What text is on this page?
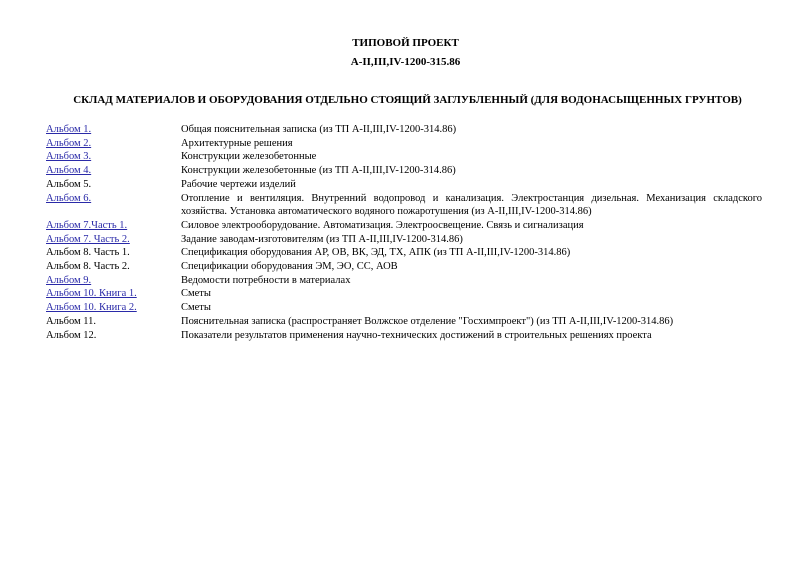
ТИПОВОЙ ПРОЕКТ
А-II,III,IV-1200-315.86
СКЛАД МАТЕРИАЛОВ И ОБОРУДОВАНИЯ ОТДЕЛЬНО СТОЯЩИЙ ЗАГЛУБЛЕННЫЙ (ДЛЯ ВОДОНАСЫЩЕННЫХ ГРУНТОВ)
Альбом 1.	Общая пояснительная записка (из ТП А-II,III,IV-1200-314.86)
Альбом 2.	Архитектурные решения
Альбом 3.	Конструкции железобетонные
Альбом 4.	Конструкции железобетонные (из ТП А-II,III,IV-1200-314.86)
Альбом 5.	Рабочие чертежи изделий
Альбом 6.	Отопление и вентиляция. Внутренний водопровод и канализация. Электростанция дизельная. Механизация складского хозяйства. Установка автоматического водяного пожаротушения (из А-II,III,IV-1200-314.86)
Альбом 7.Часть 1.	Силовое электрооборудование. Автоматизация. Электроосвещение. Связь и сигнализация
Альбом 7. Часть 2.	Задание заводам-изготовителям (из ТП А-II,III,IV-1200-314.86)
Альбом 8. Часть 1.	Спецификация оборудования АР, ОВ, ВК, ЭД, ТХ, АПК (из ТП А-II,III,IV-1200-314.86)
Альбом 8. Часть 2.	Спецификации оборудования ЭМ, ЭО, СС, АОВ
Альбом 9.	Ведомости потребности в материалах
Альбом 10. Книга 1.	Сметы
Альбом 10. Книга 2.	Сметы
Альбом 11.	Пояснительная записка (распространяет Волжское отделение "Госхимпроект") (из ТП А-II,III,IV-1200-314.86)
Альбом 12.	Показатели результатов применения научно-технических достижений в строительных решениях проекта
